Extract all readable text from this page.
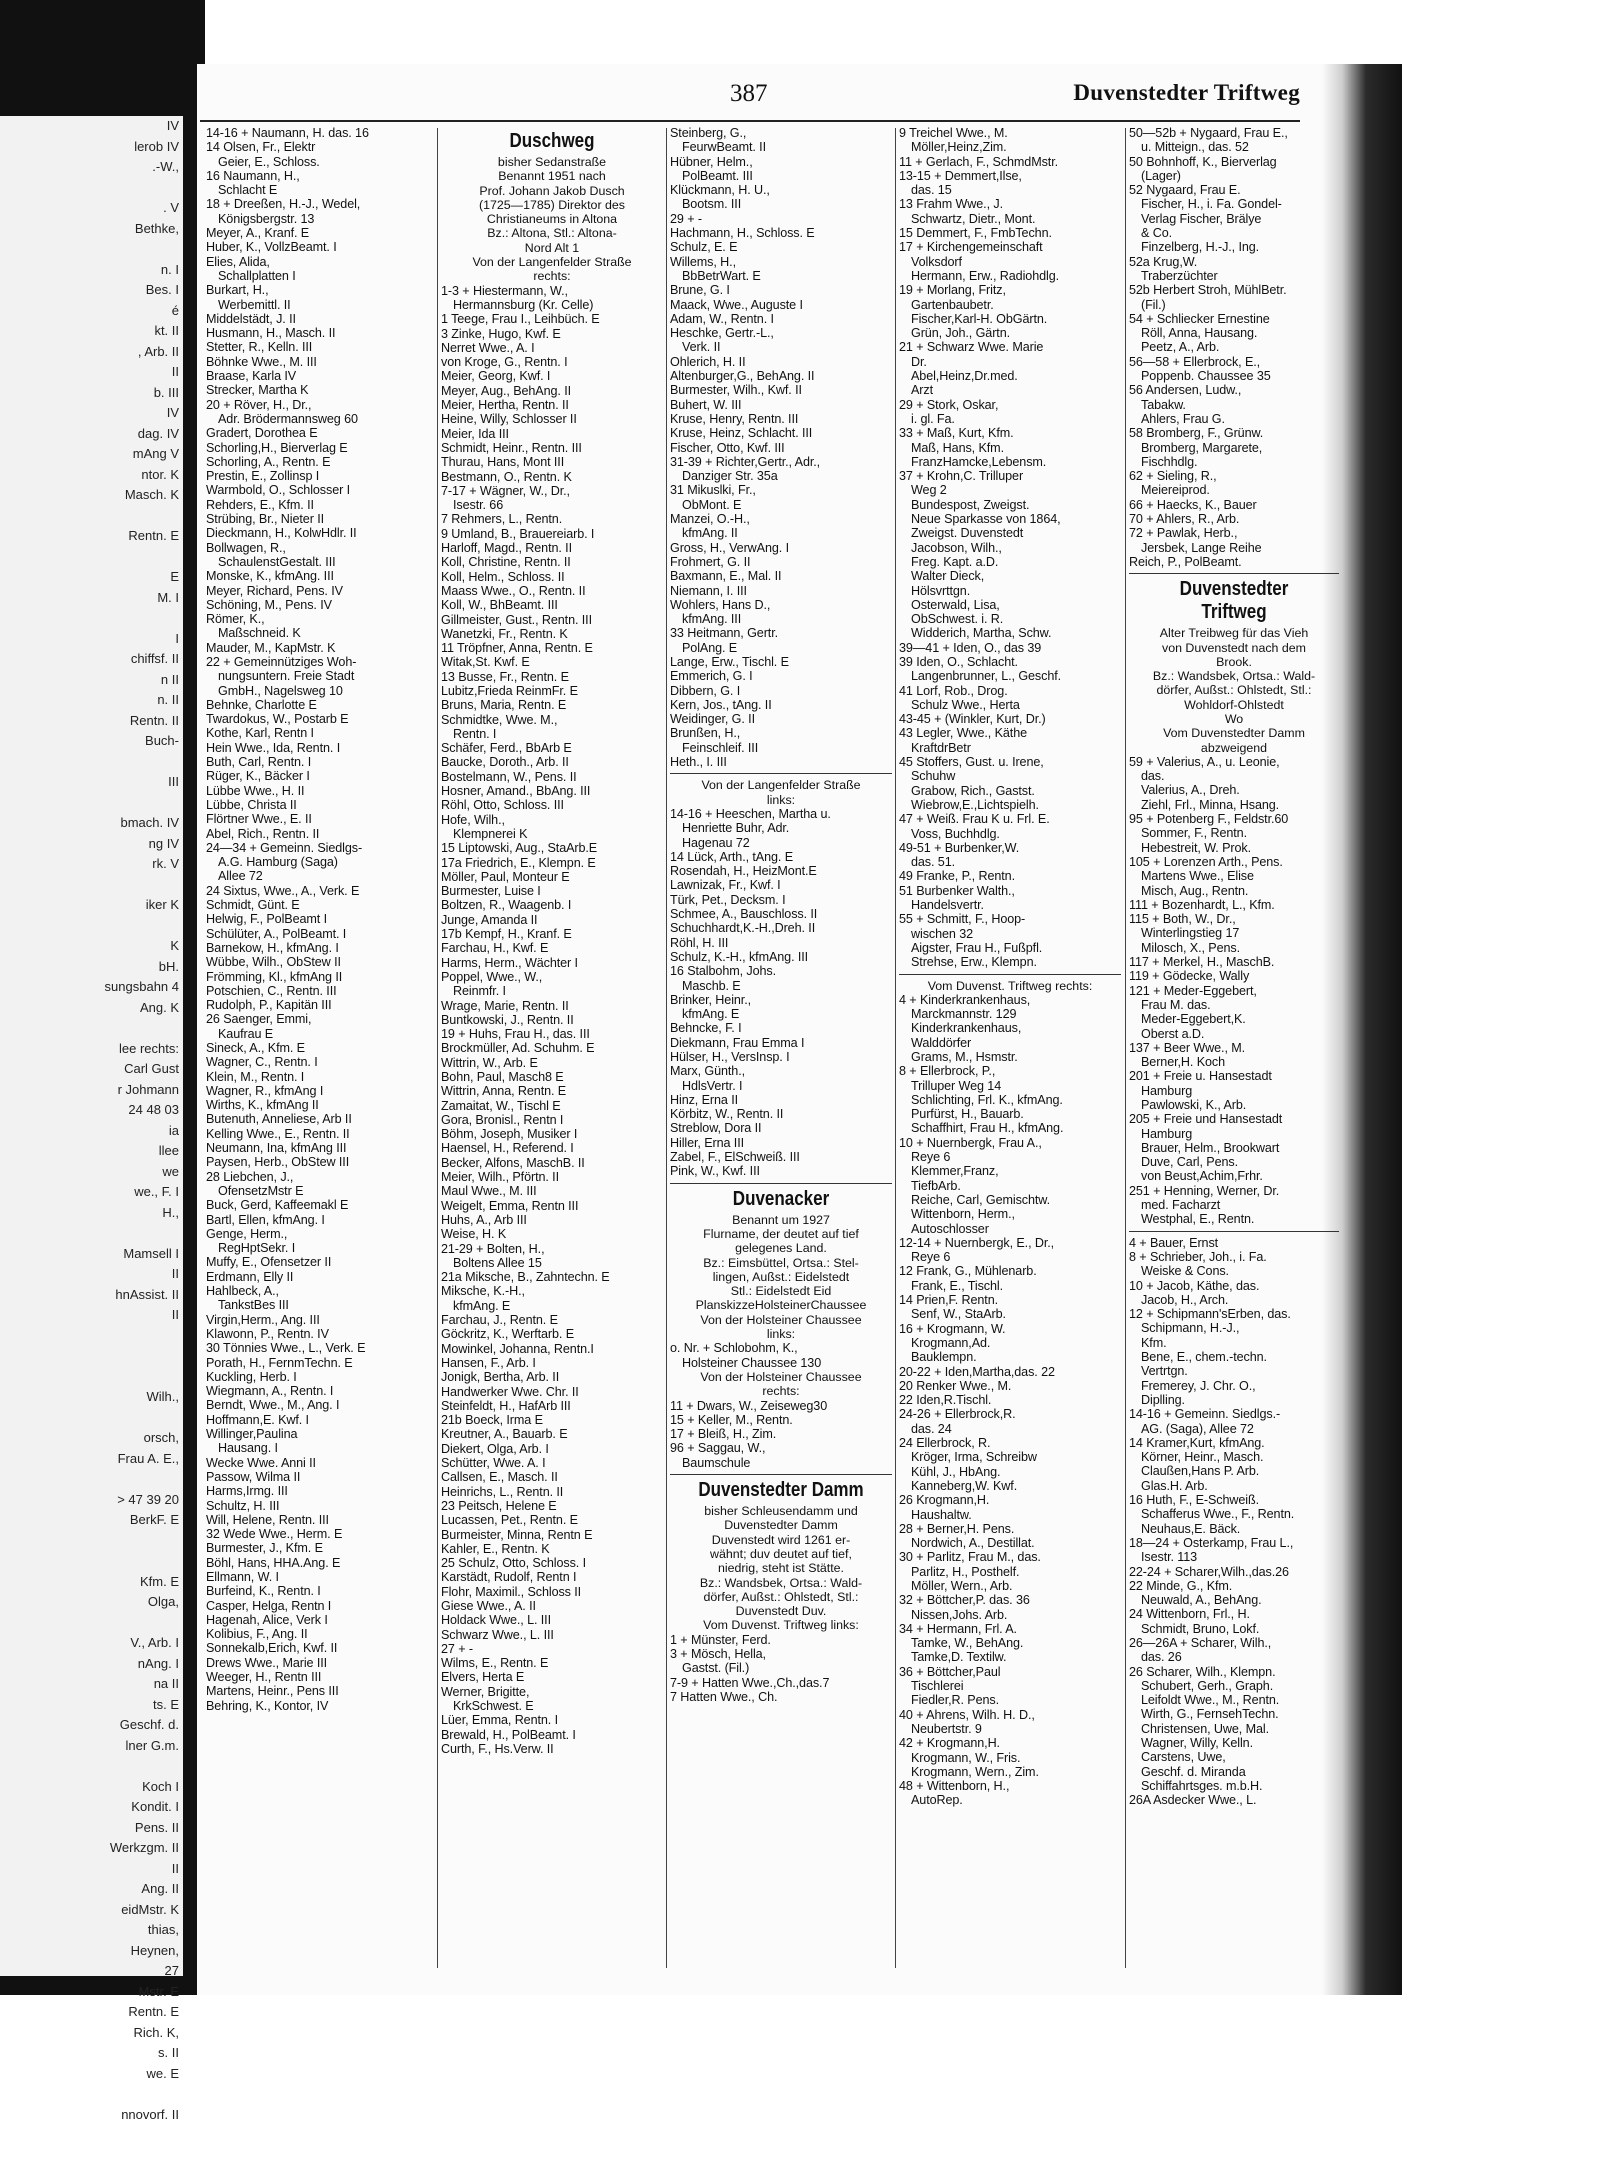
IV
lerob IV
.-W.,

. V
Bethke,

n. I
Bes. I
é
kt. II
, Arb. II
II
b. III
IV
dag. IV
mAng V
ntor. K
Masch. K

Rentn. E

E
M. I

I
chiffsf. II
n II
n. II
Rentn. II
Buch-

III

bmach. IV
ng IV
rk. V

iker K

K
bH.
sungsbahn 4
Ang. K

lee rechts:
Carl Gust
r Johmann
24 48 03
ia
llee
we
we., F. I
H.,

Mamsell I
II
hnAssist. II
II

Wilh.,

orsch,
Frau A. E.,

> 47 39 20
BerkF. E

Kfm. E
Olga,

V., Arb. I
nAng. I
na II
ts. E
Geschf. d.
lner G.m.

Koch I
Kondit. I
Pens. II
Werkzgm. II
II
Ang. II
eidMstr. K
thias,
Heynen,
27
Mstr. E
Rentn. E
Rich. K,
s. II
we. E

nnovorf. II
387	Duvenstedter Triftweg
14-16 + Naumann, H. das. 16
14 Olsen, Fr., Elektr
Geier, E., Schloss.
16 Naumann, H.,
Schlacht E
18 + Dreeßen, H.-J., Wedel,
Königsbergstr. 13
Meyer, A., Kranf. E
Huber, K., VollzBeamt. I
Elies, Alida,
Schallplatten I
Burkart, H.,
Werbemittl. II
Middelstädt, J. II
Husmann, H., Masch. II
Stetter, R., Kelln. III
Böhnke Wwe., M. III
Braase, Karla IV
Strecker, Martha K
20 + Röver, H., Dr.,
Adr. Brödermannsweg 60
Gradert, Dorothea E
Schorling,H., Bierverlag E
Schorling, A., Rentn. E
Prestin, E., Zollinsp I
Warmbold, O., Schlosser I
Rehders, E., Kfm. II
Strübing, Br., Nieter II
Dieckmann, H., KolwHdlr. II
Bollwagen, R.,
SchaulenstGestalt. III
Monske, K., kfmAng. III
Meyer, Richard, Pens. IV
Schöning, M., Pens. IV
Römer, K.,
Maßschneid. K
Mauder, M., KapMstr. K
22 + Gemeinnütziges Woh-
nungsuntern. Freie Stadt
GmbH., Nagelsweg 10
Behnke, Charlotte E
Twardokus, W., Postarb E
Kothe, Karl, Rentn I
Hein Wwe., Ida, Rentn. I
Buth, Carl, Rentn. I
Rüger, K., Bäcker I
Lübbe Wwe., H. II
Lübbe, Christa II
Flörtner Wwe., E. II
Abel, Rich., Rentn. II
24—34 + Gemeinn. Siedlgs-
A.G. Hamburg (Saga)
Allee 72
24 Sixtus, Wwe., A., Verk. E
Schmidt, Günt. E
Helwig, F., PolBeamt I
Schülüter, A., PolBeamt. I
Barnekow, H., kfmAng. I
Wübbe, Wilh., ObStew II
Frömming, Kl., kfmAng II
Potschien, C., Rentn. III
Rudolph, P., Kapitän III
26 Saenger, Emmi,
Kaufrau E
Sineck, A., Kfm. E
Wagner, C., Rentn. I
Klein, M., Rentn. I
Wagner, R., kfmAng I
Wirths, K., kfmAng II
Butenuth, Anneliese, Arb II
Kelling Wwe., E., Rentn. II
Neumann, Ina, kfmAng III
Paysen, Herb., ObStew III
28 Liebchen, J.,
OfensetzMstr E
Buck, Gerd, Kaffeemakl E
Bartl, Ellen, kfmAng. I
Genge, Herm.,
RegHptSekr. I
Muffy, E., Ofensetzer II
Erdmann, Elly II
Hahlbeck, A.,
TankstBes III
Virgin,Herm., Ang. III
Klawonn, P., Rentn. IV
30 Tönnies Wwe., L., Verk. E
Porath, H., FernmTechn. E
Kuckling, Herb. I
Wiegmann, A., Rentn. I
Berndt, Wwe., M., Ang. I
Hoffmann,E. Kwf. I
Willinger,Paulina
Hausang. I
Wecke Wwe. Anni II
Passow, Wilma II
Harms,Irmg. III
Schultz, H. III
Will, Helene, Rentn. III
32 Wede Wwe., Herm. E
Burmester, J., Kfm. E
Böhl, Hans, HHA.Ang. E
Ellmann, W. I
Burfeind, K., Rentn. I
Casper, Helga, Rentn I
Hagenah, Alice, Verk I
Kolibius, F., Ang. II
Sonnekalb,Erich, Kwf. II
Drews Wwe., Marie III
Weeger, H., Rentn III
Martens, Heinr., Pens III
Behring, K., Kontor, IV
Duschweg
bisher Sedanstraße
Benannt 1951 nach
Prof. Johann Jakob Dusch
(1725—1785) Direktor des
Christianeums in Altona
Bz.: Altona, Stl.: Altona-
Nord Alt 1
Von der Langenfelder Straße
rechts:
1-3 + Hiestermann, W.,
Hermannsburg (Kr. Celle)
1 Teege, Frau I., Leihbüch. E
3 Zinke, Hugo, Kwf. E
Nerret Wwe., A. I
von Kroge, G., Rentn. I
Meier, Georg, Kwf. I
Meyer, Aug., BehAng. II
Meier, Hertha, Rentn. II
Heine, Willy, Schlosser II
Meier, Ida III
Schmidt, Heinr., Rentn. III
Thurau, Hans, Mont III
Bestmann, O., Rentn. K
7-17 + Wägner, W., Dr.,
Isestr. 66
7 Rehmers, L., Rentn.
9 Umland, B., Brauereiarb. I
Harloff, Magd., Rentn. II
Koll, Christine, Rentn. II
Koll, Helm., Schloss. II
Maass Wwe., O., Rentn. II
Koll, W., BhBeamt. III
Gillmeister, Gust., Rentn. III
Wanetzki, Fr., Rentn. K
11 Tröpfner, Anna, Rentn. E
Witak,St. Kwf. E
13 Busse, Fr., Rentn. E
Lubitz,Frieda ReinmFr. E
Bruns, Maria, Rentn. E
Schmidtke, Wwe. M.,
Rentn. I
Schäfer, Ferd., BbArb E
Baucke, Doroth., Arb. II
Bostelmann, W., Pens. II
Hosner, Amand., BbAng. III
Röhl, Otto, Schloss. III
Hofe, Wilh.,
Klempnerei K
15 Liptowski, Aug., StaArb.E
17a Friedrich, E., Klempn. E
Möller, Paul, Monteur E
Burmester, Luise I
Boltzen, R., Waagenb. I
Junge, Amanda II
17b Kempf, H., Kranf. E
Farchau, H., Kwf. E
Harms, Herm., Wächter I
Poppel, Wwe., W.,
Reinmfr. I
Wrage, Marie, Rentn. II
Buntkowski, J., Rentn. II
19 + Huhs, Frau H., das. III
Brockmüller, Ad. Schuhm. E
Wittrin, W., Arb. E
Bohn, Paul, Masch8 E
Wittrin, Anna, Rentn. E
Zamaitat, W., Tischl E
Gora, Bronisl., Rentn I
Böhm, Joseph, Musiker I
Haensel, H., Referend. I
Becker, Alfons, MaschB. II
Meier, Wilh., Pförtn. II
Maul Wwe., M. III
Weigelt, Emma, Rentn III
Huhs, A., Arb III
Weise, H. K
21-29 + Bolten, H.,
Boltens Allee 15
21a Miksche, B., Zahntechn. E
Miksche, K.-H.,
kfmAng. E
Farchau, J., Rentn. E
Göckritz, K., Werftarb. E
Mowinkel, Johanna, Rentn.I
Hansen, F., Arb. I
Jonigk, Bertha, Arb. II
Handwerker Wwe. Chr. II
Steinfeldt, H., HafArb III
21b Boeck, Irma E
Kreutner, A., Bauarb. E
Diekert, Olga, Arb. I
Schütter, Wwe. A. I
Callsen, E., Masch. II
Heinrichs, L., Rentn. II
23 Peitsch, Helene E
Lucassen, Pet., Rentn. E
Burmeister, Minna, Rentn E
Kahler, E., Rentn. K
25 Schulz, Otto, Schloss. I
Karstädt, Rudolf, Rentn I
Flohr, Maximil., Schloss II
Giese Wwe., A. II
Holdack Wwe., L. III
Schwarz Wwe., L. III
27 + -
Wilms, E., Rentn. E
Elvers, Herta E
Werner, Brigitte,
KrkSchwest. E
Lüer, Emma, Rentn. I
Brewald, H., PolBeamt. I
Curth, F., Hs.Verw. II
Steinberg, G.,
FeurwBeamt. II
Hübner, Helm.,
PolBeamt. III
Klückmann, H. U.,
Bootsm. III
29 + -
Hachmann, H., Schloss. E
Schulz, E. E
Willems, H.,
BbBetrWart. E
Brune, G. I
Maack, Wwe., Auguste I
Adam, W., Rentn. I
Heschke, Gertr.-L.,
Verk. II
Ohlerich, H. II
Altenburger,G., BehAng. II
Burmester, Wilh., Kwf. II
Buhert, W. III
Kruse, Henry, Rentn. III
Kruse, Heinz, Schlacht. III
Fischer, Otto, Kwf. III
31-39 + Richter,Gertr., Adr.,
Danziger Str. 35a
31 Mikuslki, Fr.,
ObMont. E
Manzei, O.-H.,
kfmAng. II
Gross, H., VerwAng. I
Frohmert, G. II
Baxmann, E., Mal. II
Niemann, I. III
Wohlers, Hans D.,
kfmAng. III
33 Heitmann, Gertr.
PolAng. E
Lange, Erw., Tischl. E
Emmerich, G. I
Dibbern, G. I
Kern, Jos., tAng. II
Weidinger, G. II
Brunßen, H.,
Feinschleif. III
Heth., I. III
Von der Langenfelder Straße
links:
14-16 + Heeschen, Martha u.
Henriette Buhr, Adr.
Hagenau 72
14 Lück, Arth., tAng. E
Rosendah, H., HeizMont.E
Lawnizak, Fr., Kwf. I
Türk, Pet., Decksm. I
Schmee, A., Bauschloss. II
Schuchhardt,K.-H.,Dreh. II
Röhl, H. III
Schulz, K.-H., kfmAng. III
16 Stalbohm, Johs.
Maschb. E
Brinker, Heinr.,
kfmAng. E
Behncke, F. I
Diekmann, Frau Emma I
Hülser, H., VersInsp. I
Marx, Günth.,
HdlsVertr. I
Hinz, Erna II
Körbitz, W., Rentn. II
Streblow, Dora II
Hiller, Erna III
Zabel, F., ElSchweiß. III
Pink, W., Kwf. III
Duvenacker
Benannt um 1927
Flurname, der deutet auf tief
gelegenes Land.
Bz.: Eimsbüttel, Ortsa.: Stel-
lingen, Außst.: Eidelstedt
Stl.: Eidelstedt Eid
PlanskizzeHolsteinerChaussee
Von der Holsteiner Chaussee
links:
o. Nr. + Schlobohm, K.,
Holsteiner Chaussee 130
Von der Holsteiner Chaussee
rechts:
11 + Dwars, W., Zeiseweg30
15 + Keller, M., Rentn.
17 + Bleiß, H., Zim.
96 + Saggau, W.,
Baumschule
Duvenstedter Damm
bisher Schleusendamm und
Duvenstedter Damm
Duvenstedt wird 1261 er-
wähnt; duv deutet auf tief,
niedrig, steht ist Stätte.
Bz.: Wandsbek, Ortsa.: Wald-
dörfer, Außst.: Ohlstedt, Stl.:
Duvenstedt Duv.
Vom Duvenst. Triftweg links:
1 + Münster, Ferd.
3 + Mösch, Hella,
Gastst. (Fil.)
7-9 + Hatten Wwe.,Ch.,das.7
7 Hatten Wwe., Ch.
9 Treichel Wwe., M.
Möller,Heinz,Zim.
11 + Gerlach, F., SchmdMstr.
13-15 + Demmert,Ilse,
das. 15
13 Frahm Wwe., J.
Schwartz, Dietr., Mont.
15 Demmert, F., FmbTechn.
17 + Kirchengemeinschaft
Volksdorf
Hermann, Erw., Radiohdlg.
19 + Morlang, Fritz,
Gartenbaubetr.
Fischer,Karl-H. ObGärtn.
Grün, Joh., Gärtn.
21 + Schwarz Wwe. Marie
Dr.
Abel,Heinz,Dr.med.
Arzt
29 + Stork, Oskar,
i. gl. Fa.
33 + Maß, Kurt, Kfm.
Maß, Hans, Kfm.
FranzHamcke,Lebensm.
37 + Krohn,C. Trilluper
Weg 2
Bundespost, Zweigst.
Neue Sparkasse von 1864,
Zweigst. Duvenstedt
Jacobson, Wilh.,
Freg. Kapt. a.D.
Walter Dieck,
Hölsvrttgn.
Osterwald, Lisa,
ObSchwest. i. R.
Widderich, Martha, Schw.
39—41 + Iden, O., das 39
39 Iden, O., Schlacht.
Langenbrunner, L., Geschf.
41 Lorf, Rob., Drog.
Schulz Wwe., Herta
43-45 + (Winkler, Kurt, Dr.)
43 Legler, Wwe., Käthe
KraftdrBetr
45 Stoffers, Gust. u. Irene,
Schuhw
Grabow, Rich., Gastst.
Wiebrow,E.,Lichtspielh.
47 + Weiß. Frau K u. Frl. E.
Voss, Buchhdlg.
49-51 + Burbenker,W.
das. 51.
49 Franke, P., Rentn.
51 Burbenker Walth.,
Handelsvertr.
55 + Schmitt, F., Hoop-
wischen 32
Aigster, Frau H., Fußpfl.
Strehse, Erw., Klempn.
Vom Duvenst. Triftweg rechts:
4 + Kinderkrankenhaus,
Marckmannstr. 129
Kinderkrankenhaus,
Walddörfer
Grams, M., Hsmstr.
8 + Ellerbrock, P.,
Trilluper Weg 14
Schlichting, Frl. K., kfmAng.
Purfürst, H., Bauarb.
Schaffhirt, Frau H., kfmAng.
10 + Nuernbergk, Frau A.,
Reye 6
Klemmer,Franz,
TiefbArb.
Reiche, Carl, Gemischtw.
Wittenborn, Herm.,
Autoschlosser
12-14 + Nuernbergk, E., Dr.,
Reye 6
12 Frank, G., Mühlenarb.
Frank, E., Tischl.
14 Prien,F. Rentn.
Senf, W., StaArb.
16 + Krogmann, W.
Krogmann,Ad.
Bauklempn.
20-22 + Iden,Martha,das. 22
20 Renker Wwe., M.
22 Iden,R.Tischl.
24-26 + Ellerbrock,R.
das. 24
24 Ellerbrock, R.
Kröger, Irma, Schreibw
Kühl, J., HbAng.
Kanneberg,W. Kwf.
26 Krogmann,H.
Haushaltw.
28 + Berner,H. Pens.
Nordwich, A., Destillat.
30 + Parlitz, Frau M., das.
Parlitz, H., Posthelf.
Möller, Wern., Arb.
32 + Böttcher,P. das. 36
Nissen,Johs. Arb.
34 + Hermann, Frl. A.
Tamke, W., BehAng.
Tamke,D. Textilw.
36 + Böttcher,Paul
Tischlerei
Fiedler,R. Pens.
40 + Ahrens, Wilh. H. D.,
Neubertstr. 9
42 + Krogmann,H.
Krogmann, W., Fris.
Krogmann, Wern., Zim.
48 + Wittenborn, H.,
AutoRep.
50—52b + Nygaard, Frau E.,
u. Mitteign., das. 52
50 Bohnhoff, K., Bierverlag
(Lager)
52 Nygaard, Frau E.
Fischer, H., i. Fa. Gondel-
Verlag Fischer, Brälye
& Co.
Finzelberg, H.-J., Ing.
52a Krug,W.
Traberzüchter
52b Herbert Stroh, MühlBetr.
(Fil.)
54 + Schliecker Ernestine
Röll, Anna, Hausang.
Peetz, A., Arb.
56—58 + Ellerbrock, E.,
Poppenb. Chaussee 35
56 Andersen, Ludw.,
Tabakw.
Ahlers, Frau G.
58 Bromberg, F., Grünw.
Bromberg, Margarete,
Fischhdlg.
62 + Sieling, R.,
Meiereiprod.
66 + Haecks, K., Bauer
70 + Ahlers, R., Arb.
72 + Pawlak, Herb.,
Jersbek, Lange Reihe
Reich, P., PolBeamt.
Duvenstedter Triftweg
Alter Treibweg für das Vieh
von Duvenstedt nach dem
Brook.
Bz.: Wandsbek, Ortsa.: Wald-
dörfer, Außst.: Ohlstedt, Stl.:
Wohldorf-Ohlstedt
Wo
Vom Duvenstedter Damm
abzweigend
59 + Valerius, A., u. Leonie,
das.
Valerius, A., Dreh.
Ziehl, Frl., Minna, Hsang.
95 + Potenberg F., Feldstr.60
Sommer, F., Rentn.
Hebestreit, W. Prok.
105 + Lorenzen Arth., Pens.
Martens Wwe., Elise
Misch, Aug., Rentn.
111 + Bozenhardt, L., Kfm.
115 + Both, W., Dr.,
Winterlingstieg 17
Milosch, X., Pens.
117 + Merkel, H., MaschB.
119 + Gödecke, Wally
121 + Meder-Eggebert,
Frau M. das.
Meder-Eggebert,K.
Oberst a.D.
137 + Beer Wwe., M.
Berner,H. Koch
201 + Freie u. Hansestadt
Hamburg
Pawlowski, K., Arb.
205 + Freie und Hansestadt
Hamburg
Brauer, Helm., Brookwart
Duve, Carl, Pens.
von Beust,Achim,Frhr.
251 + Henning, Werner, Dr.
med. Facharzt
Westphal, E., Rentn.
4 + Bauer, Ernst
8 + Schrieber, Joh., i. Fa.
Weiske & Cons.
10 + Jacob, Käthe, das.
Jacob, H., Arch.
12 + Schipmann'sErben, das.
Schipmann, H.-J.,
Kfm.
Bene, E., chem.-techn.
Vertrtgn.
Fremerey, J. Chr. O.,
Diplling.
14-16 + Gemeinn. Siedlgs.-
AG. (Saga), Allee 72
14 Kramer,Kurt, kfmAng.
Körner, Heinr., Masch.
Claußen,Hans P. Arb.
Glas.H. Arb.
16 Huth, F., E-Schweiß.
Schafferus Wwe., F., Rentn.
Neuhaus,E. Bäck.
18—24 + Osterkamp, Frau L.,
Isestr. 113
22-24 + Scharer,Wilh.,das.26
22 Minde, G., Kfm.
Neuwald, A., BehAng.
24 Wittenborn, Frl., H.
Schmidt, Bruno, Lokf.
26—26A + Scharer, Wilh.,
das. 26
26 Scharer, Wilh., Klempn.
Schubert, Gerh., Graph.
Leifoldt Wwe., M., Rentn.
Wirth, G., FernsehTechn.
Christensen, Uwe, Mal.
Wagner, Willy, Kelln.
Carstens, Uwe,
Geschf. d. Miranda
Schiffahrtsges. m.b.H.
26A Asdecker Wwe., L.
